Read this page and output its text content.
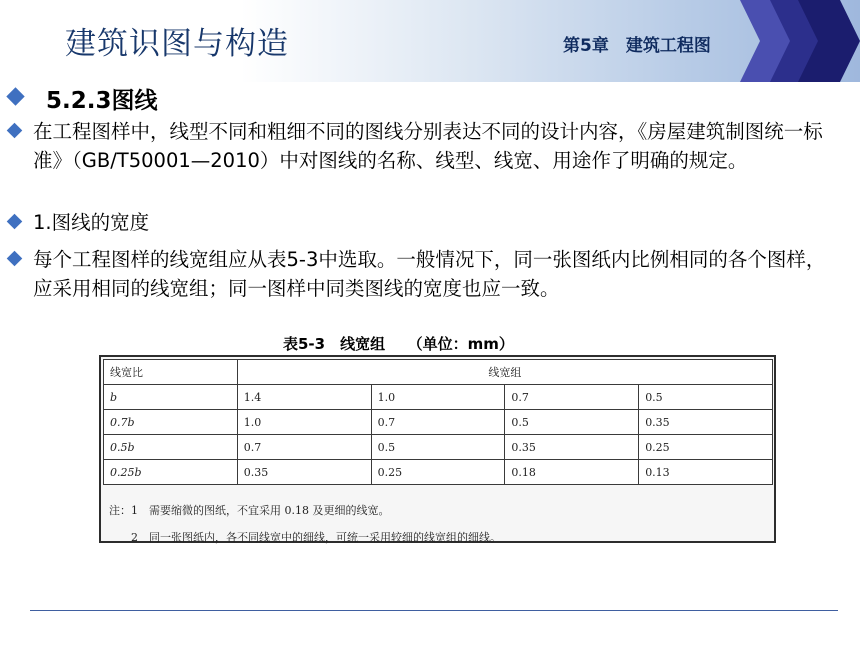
建筑识图与构造	第5章　建筑工程图
5.2.3图线
在工程图样中，线型不同和粗细不同的图线分别表达不同的设计内容，《房屋建筑制图统一标准》（GB/T50001—2010）中对图线的名称、线型、线宽、用途作了明确的规定。
1.图线的宽度
每个工程图样的线宽组应从表5-3中选取。一般情况下，同一张图纸内比例相同的各个图样，应采用相同的线宽组；同一图样中同类图线的宽度也应一致。
表5-3　线宽组　　（单位：mm）
线宽比	线宽组			
b	1.4	1.0	0.7	0.5
0.7b	1.0	0.7	0.5	0.35
0.5b	0.7	0.5	0.35	0.25
0.25b	0.35	0.25	0.18	0.13
注：1　需要缩微的图纸，不宜采用 0.18 及更细的线宽。
2　同一张图纸内，各不同线宽中的细线，可统一采用较细的线宽组的细线。
